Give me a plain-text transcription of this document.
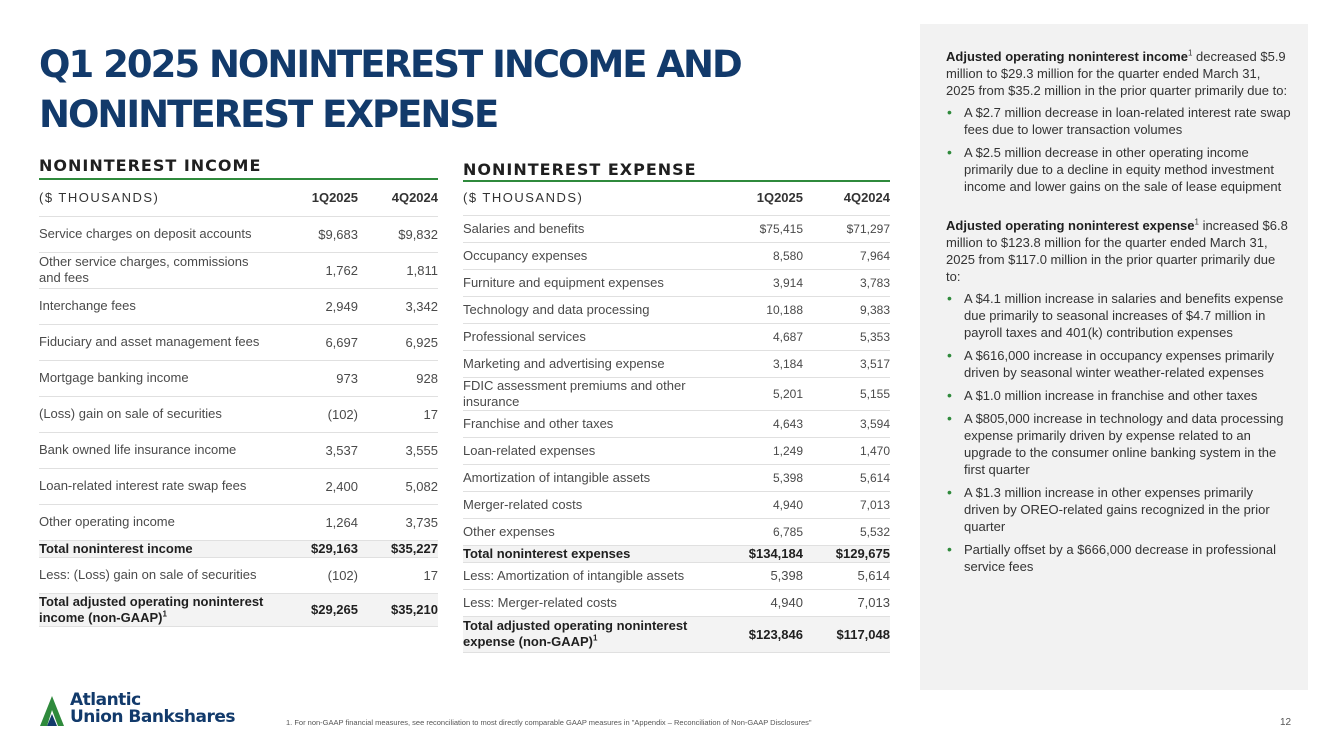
Q1 2025 NONINTEREST INCOME AND NONINTEREST EXPENSE
NONINTEREST INCOME
($ THOUSANDS)	1Q2025	4Q2024
Service charges on deposit accounts	$9,683	$9,832
Other service charges, commissions and fees	1,762	1,811
Interchange fees	2,949	3,342
Fiduciary and asset management fees	6,697	6,925
Mortgage banking income	973	928
(Loss) gain on sale of securities	(102)	17
Bank owned life insurance income	3,537	3,555
Loan-related interest rate swap fees	2,400	5,082
Other operating income	1,264	3,735
Total noninterest income	$29,163	$35,227
Less: (Loss) gain on sale of securities	(102)	17
Total adjusted operating noninterest income (non-GAAP)$^1$	$29,265	$35,210
NONINTEREST EXPENSE
($ THOUSANDS)	1Q2025	4Q2024
Salaries and benefits	$75,415	$71,297
Occupancy expenses	8,580	7,964
Furniture and equipment expenses	3,914	3,783
Technology and data processing	10,188	9,383
Professional services	4,687	5,353
Marketing and advertising expense	3,184	3,517
FDIC assessment premiums and other insurance	5,201	5,155
Franchise and other taxes	4,643	3,594
Loan-related expenses	1,249	1,470
Amortization of intangible assets	5,398	5,614
Merger-related costs	4,940	7,013
Other expenses	6,785	5,532
Total noninterest expenses	$134,184	$129,675
Less: Amortization of intangible assets	5,398	5,614
Less: Merger-related costs	4,940	7,013
Total adjusted operating noninterest expense (non-GAAP)$^1$	$123,846	$117,048

Adjusted operating noninterest income$^1$ decreased $5.9 million to $29.3 million for the quarter ended March 31, 2025 from $35.2 million in the prior quarter primarily due to:

• A $2.7 million decrease in loan-related interest rate swap fees due to lower transaction volumes
• A $2.5 million decrease in other operating income primarily due to a decline in equity method investment income and lower gains on the sale of lease equipment

Adjusted operating noninterest expense$^1$ increased $6.8 million to $123.8 million for the quarter ended March 31, 2025 from $117.0 million in the prior quarter primarily due to:

• A $4.1 million increase in salaries and benefits expense due primarily to seasonal increases of $4.7 million in payroll taxes and 401(k) contribution expenses
• A $616,000 increase in occupancy expenses primarily driven by seasonal winter weather-related expenses
• A $1.0 million increase in franchise and other taxes
• A $805,000 increase in technology and data processing expense primarily driven by expense related to an upgrade to the consumer online banking system in the first quarter
• A $1.3 million increase in other expenses primarily driven by OREO-related gains recognized in the prior quarter
• Partially offset by a $666,000 decrease in professional service fees
Atlantic
Union Bankshares	1. For non-GAAP financial measures, see reconciliation to most directly comparable GAAP measures in "Appendix – Reconciliation of Non-GAAP Disclosures"	12
